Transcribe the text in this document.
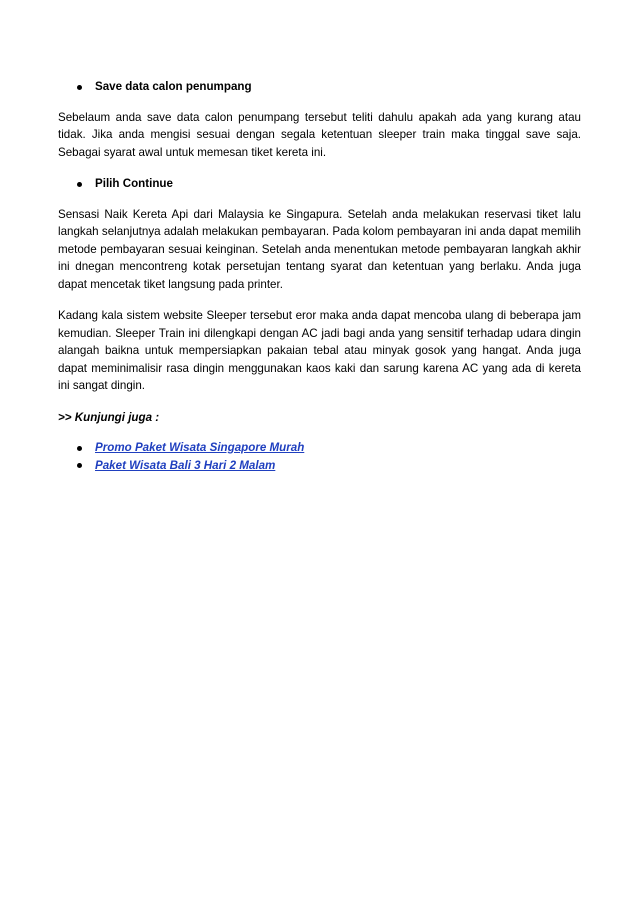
Save data calon penumpang

Sebelaum anda save data calon penumpang tersebut teliti dahulu apakah ada yang kurang atau tidak. Jika anda mengisi sesuai dengan segala ketentuan sleeper train maka tinggal save saja. Sebagai syarat awal untuk memesan tiket kereta ini.

Pilih Continue

Sensasi Naik Kereta Api dari Malaysia ke Singapura. Setelah anda melakukan reservasi tiket lalu langkah selanjutnya adalah melakukan pembayaran. Pada kolom pembayaran ini anda dapat memilih metode pembayaran sesuai keinginan. Setelah anda menentukan metode pembayaran langkah akhir ini dnegan mencontreng kotak persetujan tentang syarat dan ketentuan yang berlaku. Anda juga dapat mencetak tiket langsung pada printer.

Kadang kala sistem website Sleeper tersebut eror maka anda dapat mencoba ulang di beberapa jam kemudian. Sleeper Train ini dilengkapi dengan AC jadi bagi anda yang sensitif terhadap udara dingin alangah baikna untuk mempersiapkan pakaian tebal atau minyak gosok yang hangat. Anda juga dapat meminimalisir rasa dingin menggunakan kaos kaki dan sarung karena AC yang ada di kereta ini sangat dingin.

>> Kunjungi juga :
Promo Paket Wisata Singapore Murah
Paket Wisata Bali 3 Hari 2 Malam
